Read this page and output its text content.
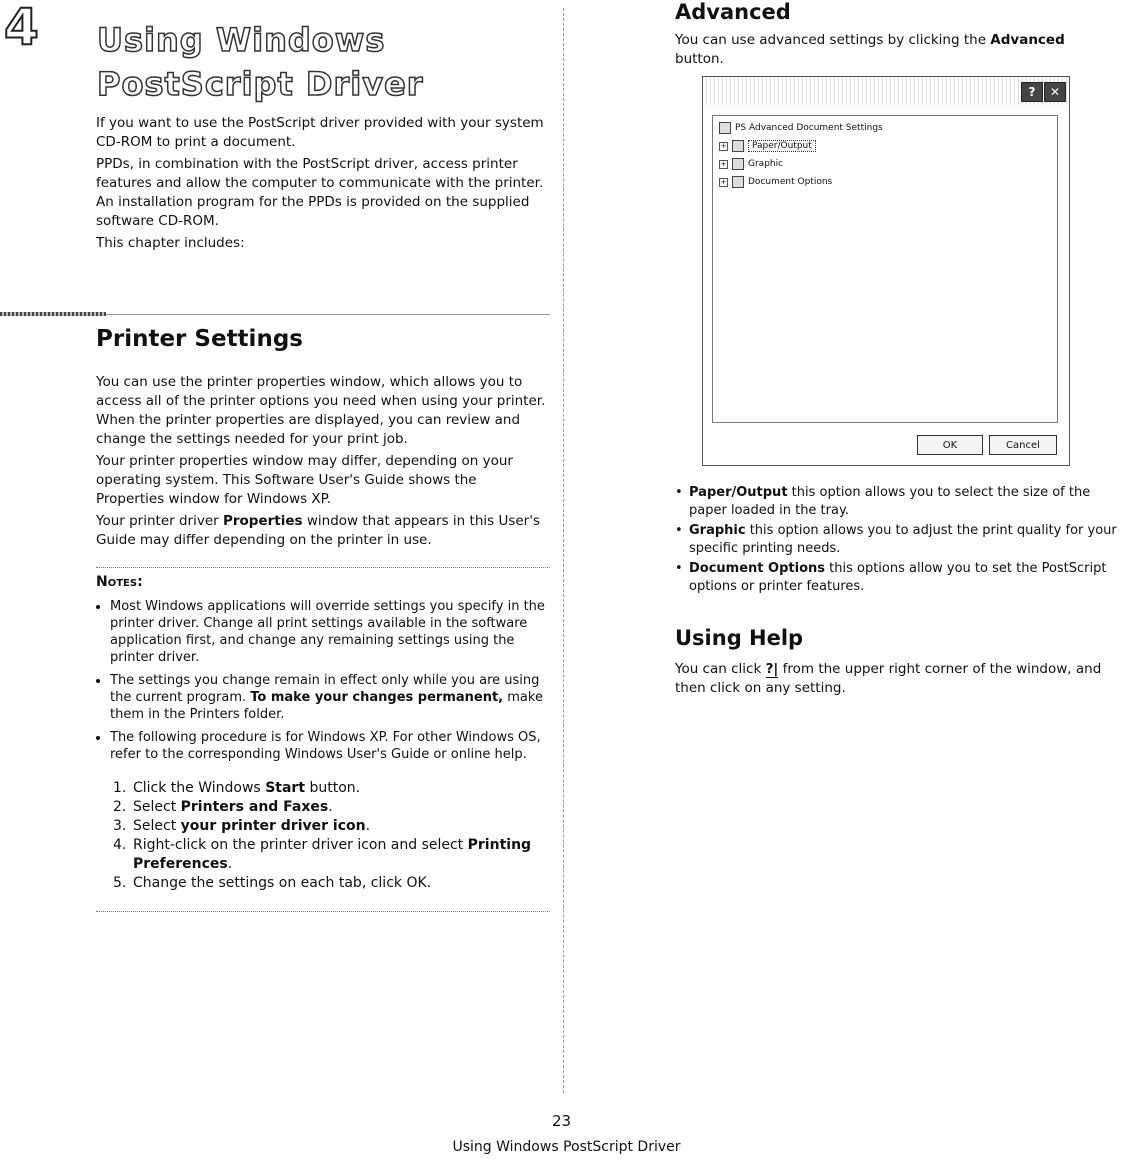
4 Using Windows
PostScript Driver
If you want to use the PostScript driver provided with your system CD-ROM to print a document.
PPDs, in combination with the PostScript driver, access printer features and allow the computer to communicate with the printer. An installation program for the PPDs is provided on the supplied software CD-ROM.
This chapter includes:
Printer Settings
You can use the printer properties window, which allows you to access all of the printer options you need when using your printer. When the printer properties are displayed, you can review and change the settings needed for your print job.
Your printer properties window may differ, depending on your operating system. This Software User's Guide shows the Properties window for Windows XP.
Your printer driver Properties window that appears in this User's Guide may differ depending on the printer in use.
Notes:
• Most Windows applications will override settings you specify in the printer driver. Change all print settings available in the software application first, and change any remaining settings using the printer driver.
• The settings you change remain in effect only while you are using the current program. To make your changes permanent, make them in the Printers folder.
• The following procedure is for Windows XP. For other Windows OS, refer to the corresponding Windows User's Guide or online help.
1. Click the Windows Start button.
2. Select Printers and Faxes.
3. Select your printer driver icon.
4. Right-click on the printer driver icon and select Printing Preferences.
5. Change the settings on each tab, click OK.
Advanced
You can use advanced settings by clicking the Advanced button.
?	✕
PS Advanced Document Settings
+	Paper/Output
+ Graphic
+ Document Options
OK	Cancel
• Paper/Output this option allows you to select the size of the paper loaded in the tray.
• Graphic this option allows you to adjust the print quality for your specific printing needs.
• Document Options this options allow you to set the PostScript options or printer features.
Using Help
You can click ?| from the upper right corner of the window, and then click on any setting.
23
Using Windows PostScript Driver
